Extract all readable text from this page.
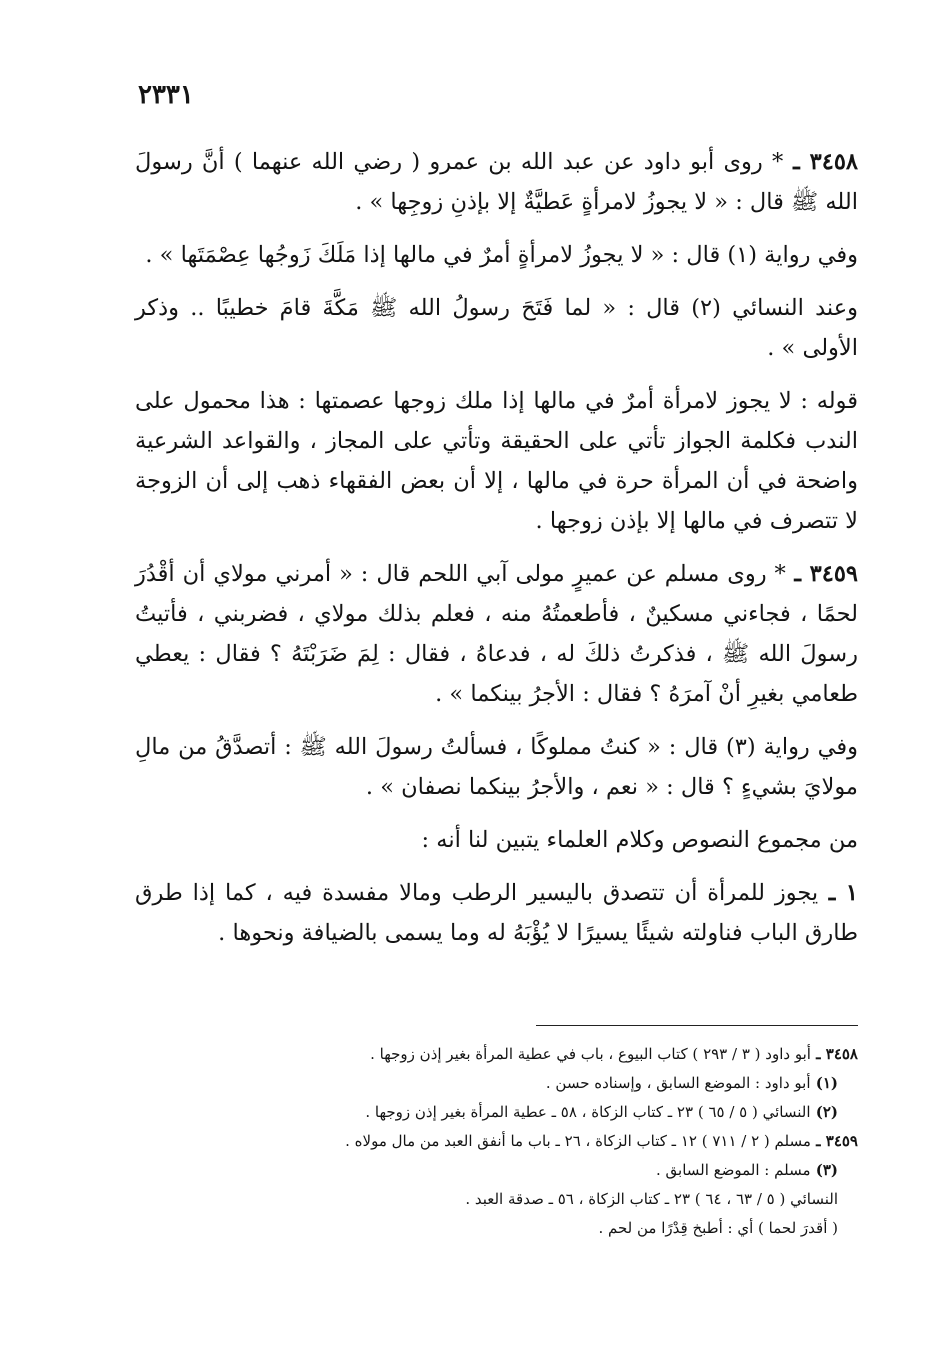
٢٣٣١

٣٤٥٨ ـ * روى أبو داود عن عبد الله بن عمرو ( رضي الله عنهما ) أنَّ رسولَ الله ﷺ قال : « لا يجوزُ لامرأةٍ عَطيَّةٌ إلا بإذنِ زوجِها » .

وفي رواية (١) قال : « لا يجوزُ لامرأةٍ أمرٌ في مالها إذا مَلَكَ زَوجُها عِصْمَتَها » .

وعند النسائي (٢) قال : « لما فَتَحَ رسولُ الله ﷺ مَكَّةَ قامَ خطيبًا .. وذكر الأولى » .

قوله : لا يجوز لامرأة أمرٌ في مالها إذا ملك زوجها عصمتها : هذا محمول على الندب فكلمة الجواز تأتي على الحقيقة وتأتي على المجاز ، والقواعد الشرعية واضحة في أن المرأة حرة في مالها ، إلا أن بعض الفقهاء ذهب إلى أن الزوجة لا تتصرف في مالها إلا بإذن زوجها .

٣٤٥٩ ـ * روى مسلم عن عميرٍ مولى آبي اللحم قال : « أمرني مولاي أن أقْدُرَ لحمًا ، فجاءني مسكينٌ ، فأطعمتُهُ منه ، فعلم بذلك مولاي ، فضربني ، فأتيتُ رسولَ الله ﷺ ، فذكرتُ ذلكَ له ، فدعاهُ ، فقال : لِمَ ضَرَبْتَهُ ؟ فقال : يعطي طعامي بغيرِ أنْ آمرَهُ ؟ فقال : الأجرُ بينكما » .

وفي رواية (٣) قال : « كنتُ مملوكًا ، فسألتُ رسولَ الله ﷺ : أتصدَّقُ من مالِ مولايَ بشيءٍ ؟ قال : « نعم ، والأجرُ بينكما نصفان » .

من مجموع النصوص وكلام العلماء يتبين لنا أنه :

١ ـ يجوز للمرأة أن تتصدق باليسير الرطب ومالا مفسدة فيه ، كما إذا طرق طارق الباب فناولته شيئًا يسيرًا لا يُؤْبَهُ له وما يسمى بالضيافة ونحوها .

٣٤٥٨ ـ أبو داود ( ٣ / ٢٩٣ ) كتاب البيوع ، باب في عطية المرأة بغير إذن زوجها .

(١) أبو داود : الموضع السابق ، وإسناده حسن .

(٢) النسائي ( ٥ / ٦٥ ) ٢٣ ـ كتاب الزكاة ، ٥٨ ـ عطية المرأة بغير إذن زوجها .

٣٤٥٩ ـ مسلم ( ٢ / ٧١١ ) ١٢ ـ كتاب الزكاة ، ٢٦ ـ باب ما أنفق العبد من مال مولاه .

(٣) مسلم : الموضع السابق .

النسائي ( ٥ / ٦٣ ، ٦٤ ) ٢٣ ـ كتاب الزكاة ، ٥٦ ـ صدقة العبد .

( أقدرَ لحما ) أي : أطبخ قِدْرًا من لحم .
